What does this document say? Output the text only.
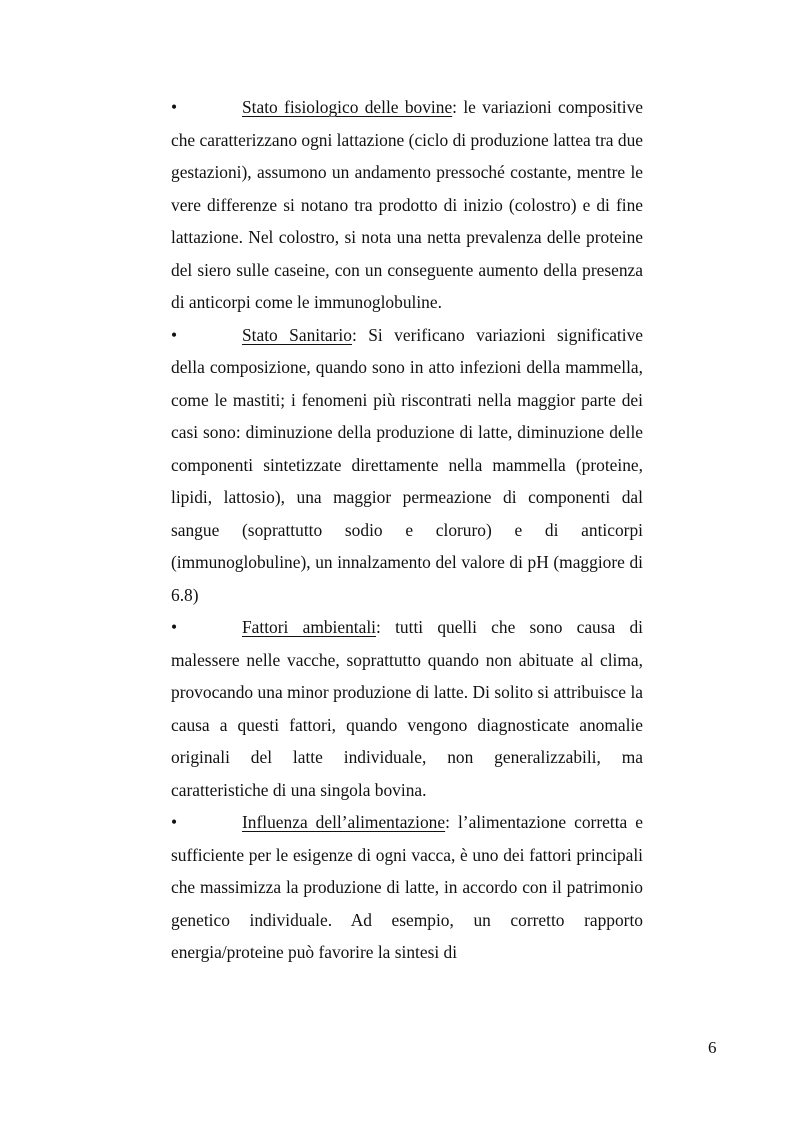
•	Stato fisiologico delle bovine: le variazioni compositive che caratterizzano ogni lattazione (ciclo di produzione lattea tra due gestazioni), assumono un andamento pressoché costante, mentre le vere differenze si notano tra prodotto di inizio (colostro) e di fine lattazione. Nel colostro, si nota una netta prevalenza delle proteine del siero sulle caseine, con un conseguente aumento della presenza di anticorpi come le immunoglobuline.

•	Stato Sanitario: Si verificano variazioni significative della composizione, quando sono in atto infezioni della mammella, come le mastiti; i fenomeni più riscontrati nella maggior parte dei casi sono: diminuzione della produzione di latte, diminuzione delle componenti sintetizzate direttamente nella mammella (proteine, lipidi, lattosio), una maggior permeazione di componenti dal sangue (soprattutto sodio e cloruro) e di anticorpi (immunoglobuline), un innalzamento del valore di pH (maggiore di 6.8)

•	Fattori ambientali: tutti quelli che sono causa di malessere nelle vacche, soprattutto quando non abituate al clima, provocando una minor produzione di latte. Di solito si attribuisce la causa a questi fattori, quando vengono diagnosticate anomalie originali del latte individuale, non generalizzabili, ma caratteristiche di una singola bovina.

•	Influenza dell’alimentazione: l’alimentazione corretta e sufficiente per le esigenze di ogni vacca, è uno dei fattori principali che massimizza la produzione di latte, in accordo con il patrimonio genetico individuale. Ad esempio, un corretto rapporto energia/proteine può favorire la sintesi di

6
